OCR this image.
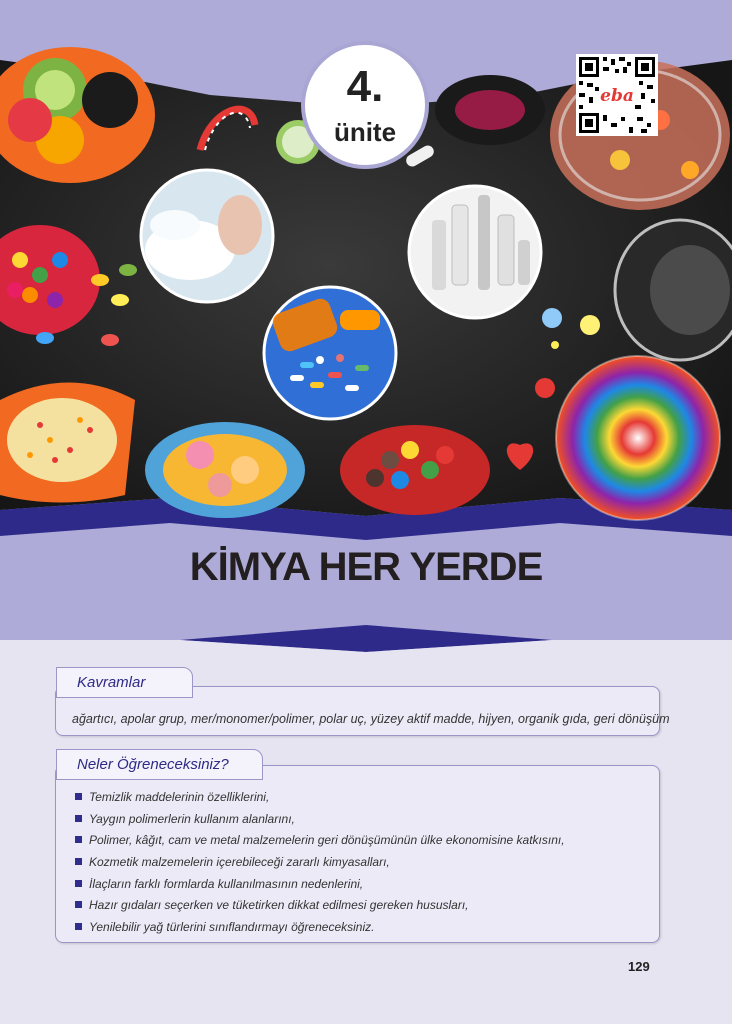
4.
ünite
eba
KİMYA HER YERDE
Kavramlar
ağartıcı, apolar grup, mer/monomer/polimer, polar uç, yüzey aktif madde, hijyen, organik gıda, geri dönüşüm
Neler Öğreneceksiniz?
Temizlik maddelerinin özelliklerini,
Yaygın polimerlerin kullanım alanlarını,
Polimer, kâğıt, cam ve metal malzemelerin geri dönüşümünün ülke ekonomisine katkısını,
Kozmetik malzemelerin içerebileceği zararlı kimyasalları,
İlaçların farklı formlarda kullanılmasının nedenlerini,
Hazır gıdaları seçerken ve tüketirken dikkat edilmesi gereken hususları,
Yenilebilir yağ türlerini sınıflandırmayı öğreneceksiniz.
129
